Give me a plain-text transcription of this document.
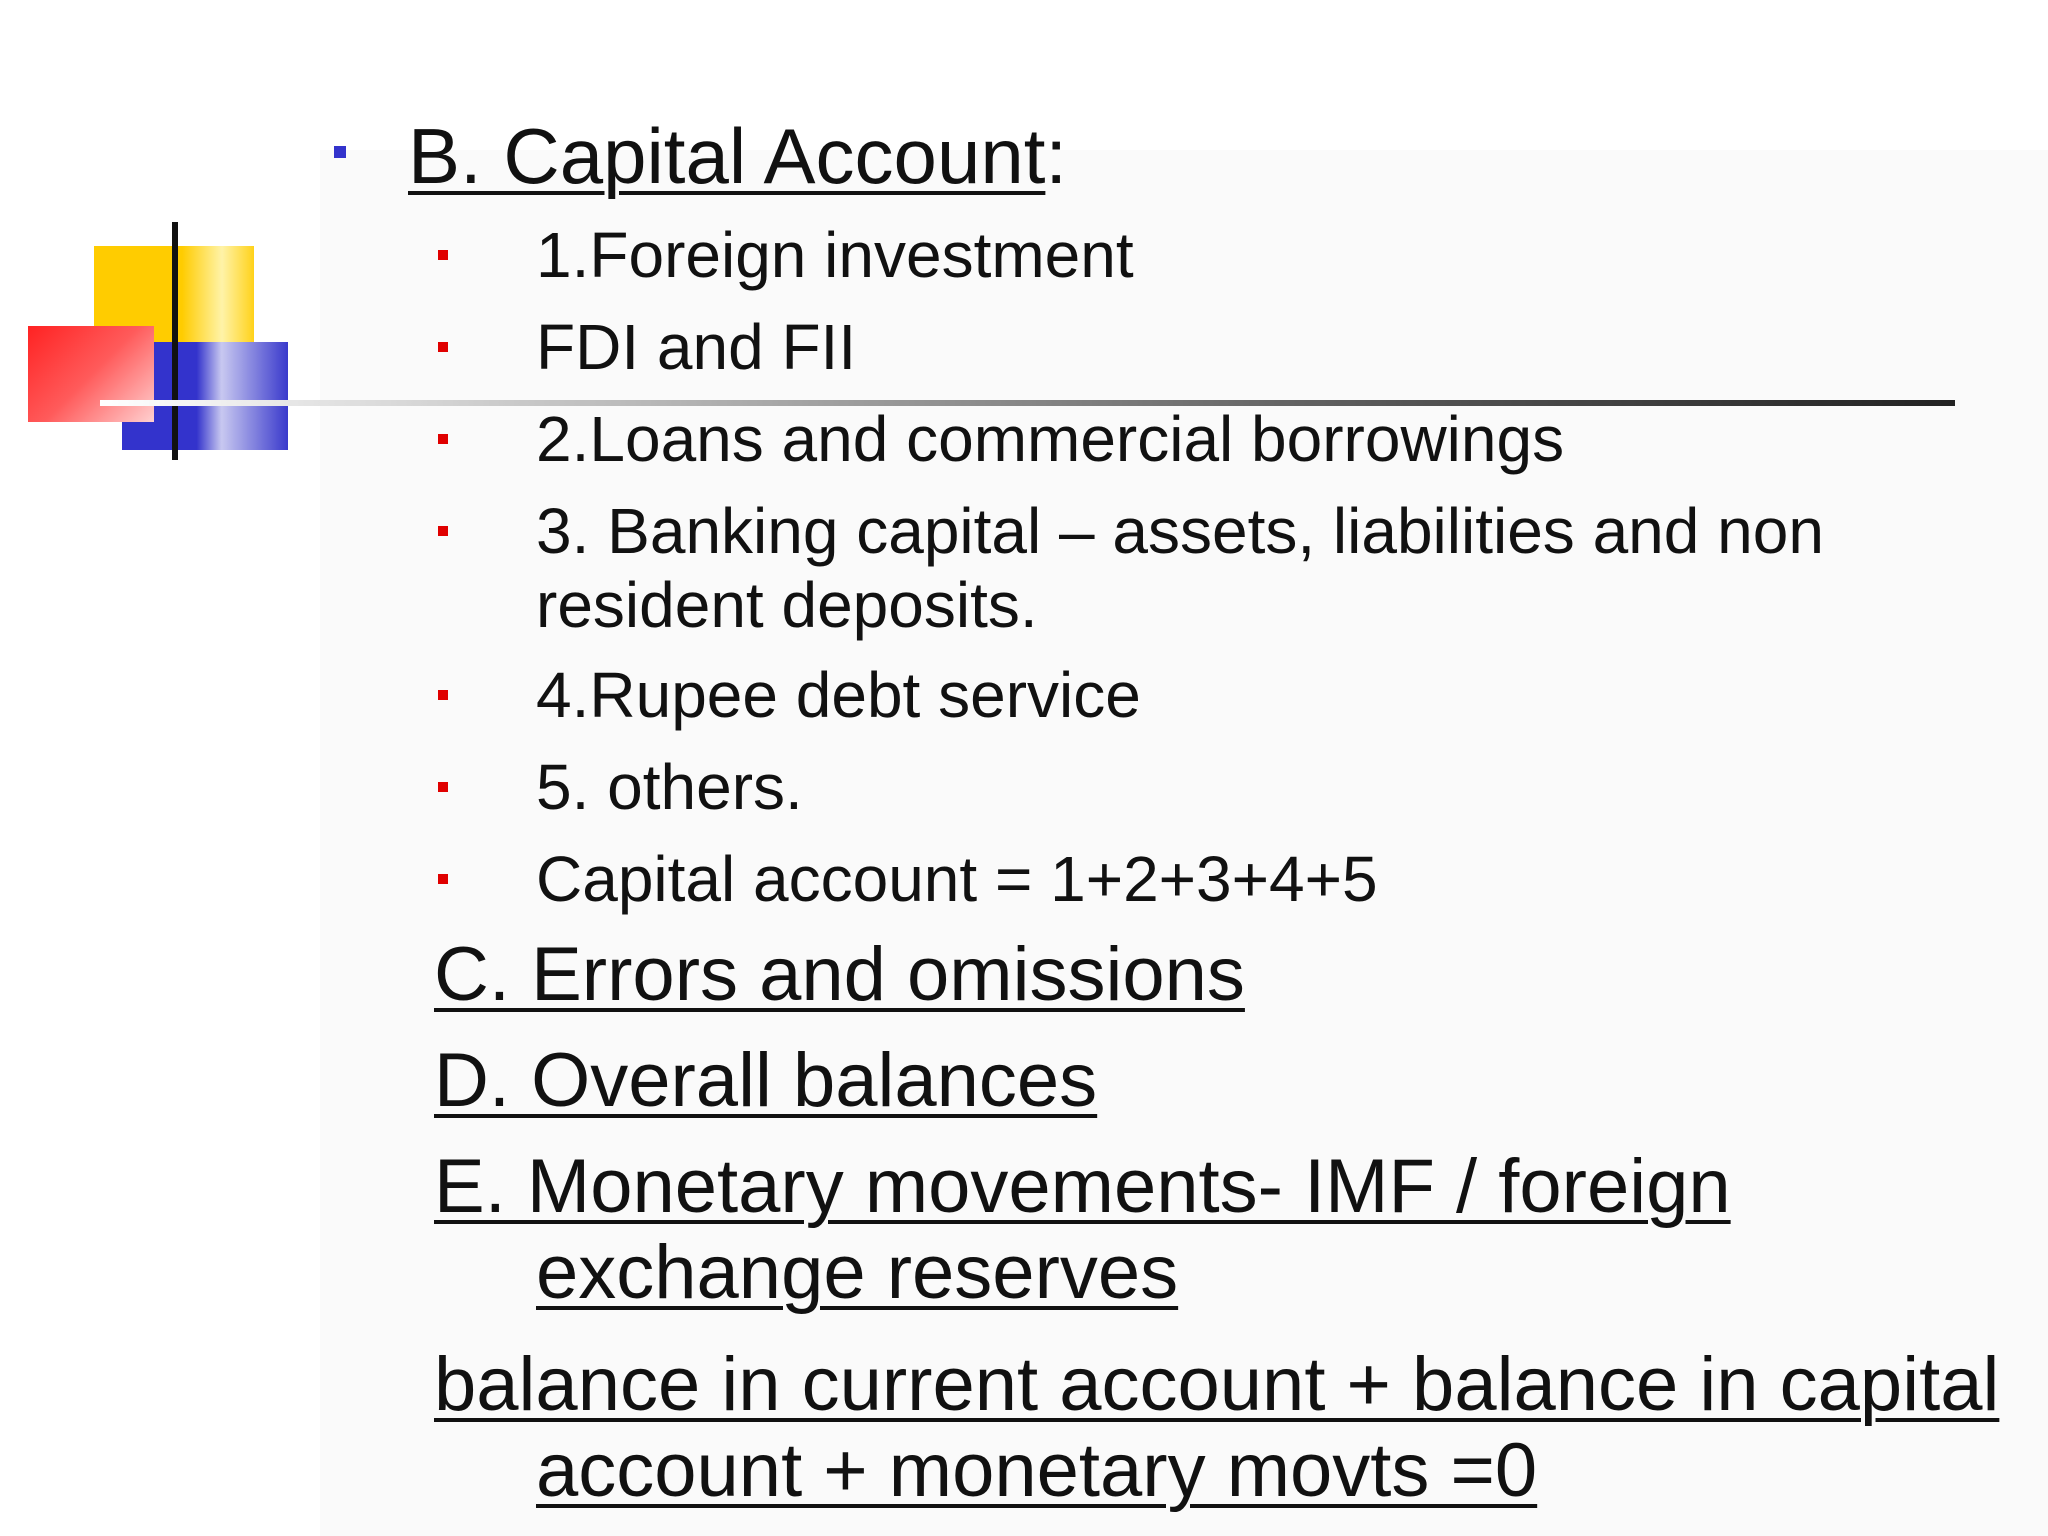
B. Capital Account:
1.Foreign investment
FDI and FII
2.Loans and commercial borrowings
3. Banking capital – assets, liabilities and non resident deposits.
4.Rupee debt service
5. others.
Capital account = 1+2+3+4+5

C. Errors and omissions

D. Overall balances

E. Monetary movements- IMF / foreign exchange reserves

balance in current account + balance in capital account + monetary movts =0
